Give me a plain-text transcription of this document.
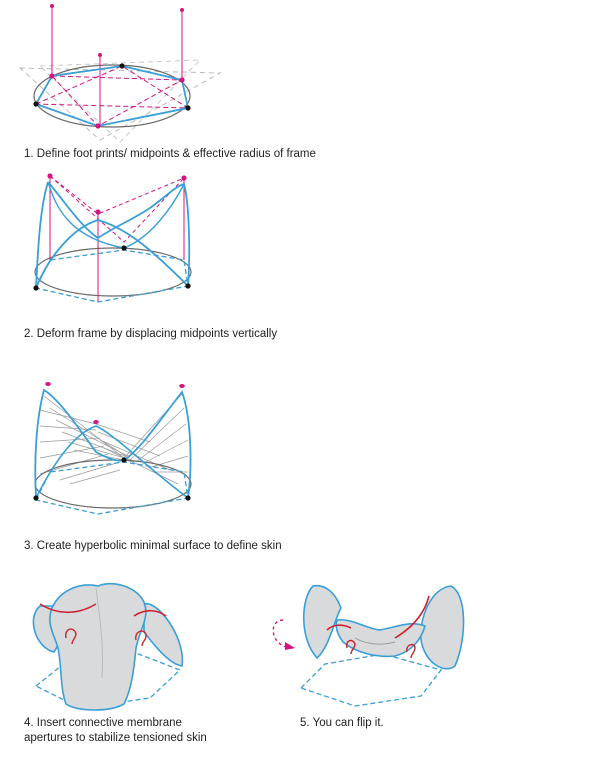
1. Define foot prints/ midpoints & effective radius of frame
2. Deform frame by displacing midpoints vertically
3. Create hyperbolic minimal surface to define skin
4. Insert connective membrane
apertures to stabilize tensioned skin
5. You can flip it.
